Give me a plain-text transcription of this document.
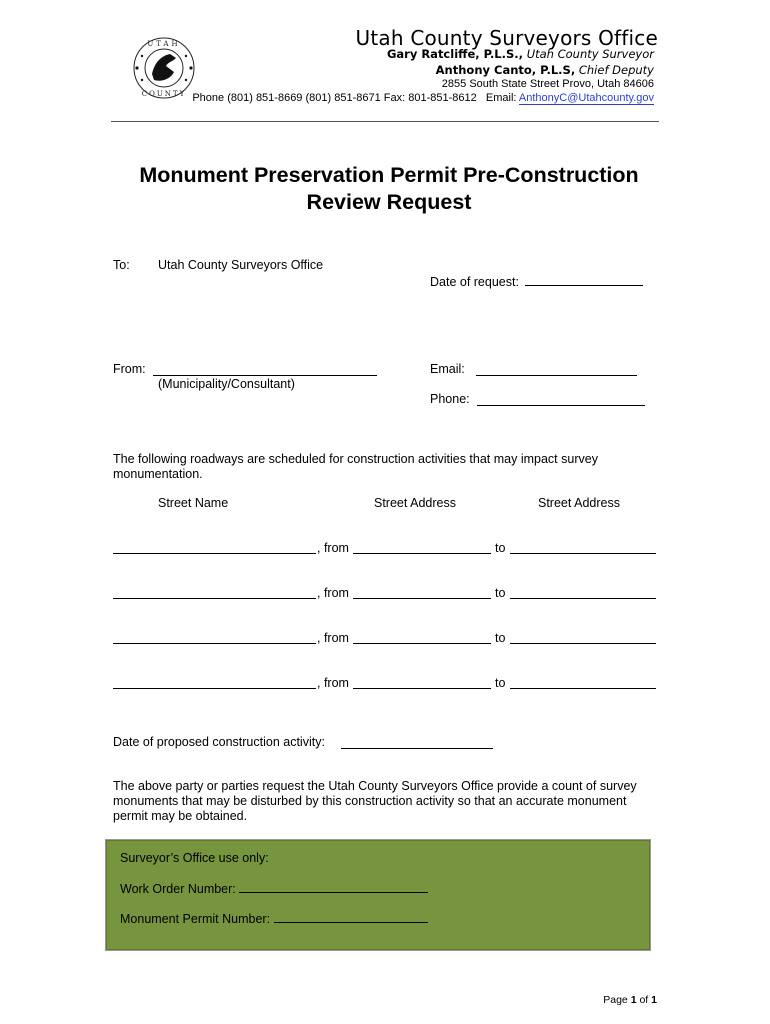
UTAH
COUNTY
Utah County Surveyors Office
Gary Ratcliffe, P.L.S., Utah County Surveyor
Anthony Canto, P.L.S, Chief Deputy
2855 South State Street Provo, Utah 84606
Phone (801) 851-8669 (801) 851-8671 Fax: 801-851-8612 Email: AnthonyC@Utahcounty.gov
Monument Preservation Permit Pre-Construction
Review Request
To: Utah County Surveyors Office
Date of request:
From:
(Municipality/Consultant)
Email:
Phone:
The following roadways are scheduled for construction activities that may impact survey
monumentation.
Street Name	Street Address	Street Address
, from	to
, from	to
, from	to
, from	to
Date of proposed construction activity:
The above party or parties request the Utah County Surveyors Office provide a count of survey
monuments that may be disturbed by this construction activity so that an accurate monument
permit may be obtained.
Surveyor’s Office use only:
Work Order Number:
Monument Permit Number:
Page 1 of 1
